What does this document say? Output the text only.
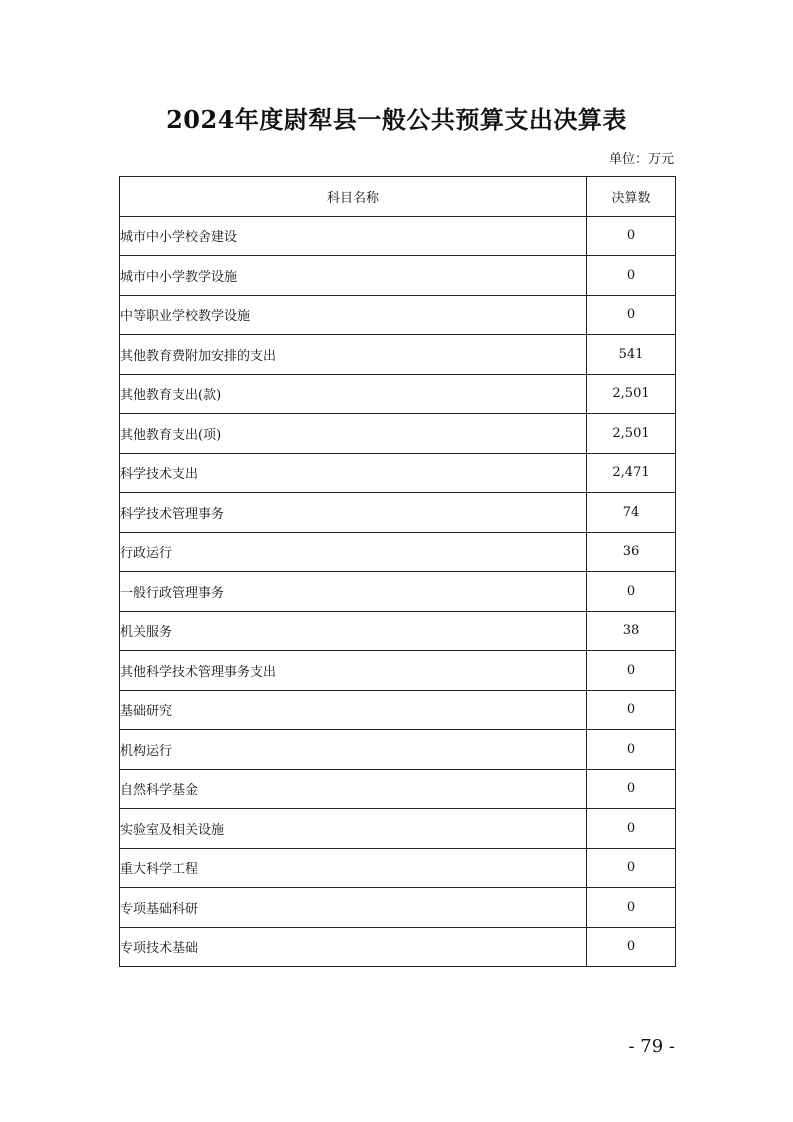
2024年度尉犁县一般公共预算支出决算表
单位：万元
科目名称	决算数
城市中小学校舍建设	0
城市中小学教学设施	0
中等职业学校教学设施	0
其他教育费附加安排的支出	541
其他教育支出(款)	2,501
其他教育支出(项)	2,501
科学技术支出	2,471
科学技术管理事务	74
行政运行	36
一般行政管理事务	0
机关服务	38
其他科学技术管理事务支出	0
基础研究	0
机构运行	0
自然科学基金	0
实验室及相关设施	0
重大科学工程	0
专项基础科研	0
专项技术基础	0
- 79 -
